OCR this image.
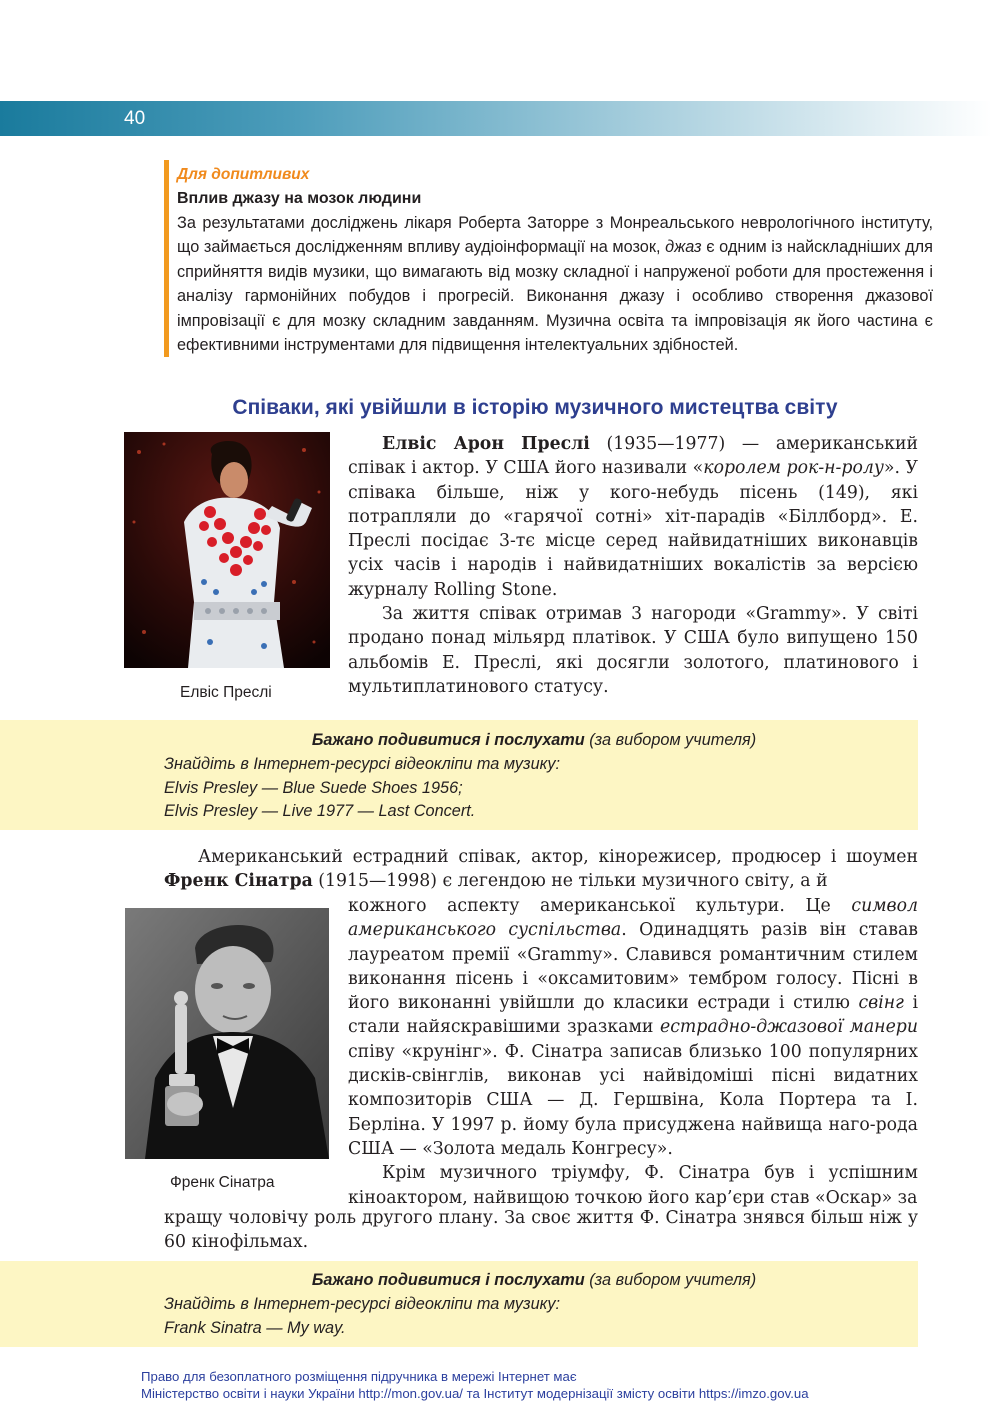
40
Для допитливих
Вплив джазу на мозок людини
За результатами досліджень лікаря Роберта Заторре з Монреальського неврологічного інституту, що займається дослідженням впливу аудіоінформації на мозок, джаз є одним із найскладніших для сприйняття видів музики, що вимагають від мозку складної і напруженої роботи для простеження і аналізу гармонійних побудов і прогресій. Виконання джазу і особливо створення джазової імпровізації є для мозку складним завданням. Музична освіта та імпровізація як його частина є ефективними інструментами для підвищення інтелектуальних здібностей.
Співаки, які увійшли в історію музичного мистецтва світу
Елвіс Преслі

Елвіс Арон Преслі (1935—1977) — американський співак і актор. У США його називали «королем рок-н-ролу». У співака більше, ніж у кого-небудь пісень (149), які потрапляли до «гарячої сотні» хіт-парадів «Біллборд». Е. Преслі посідає 3-тє місце серед найвидатніших виконавців усіх часів і народів і найвидатніших вокалістів за версією журналу Rolling Stone.

За життя співак отримав 3 нагороди «Grammy». У світі продано понад мільярд платівок. У США було випущено 150 альбомів Е. Преслі, які досягли золотого, платинового і мультиплатинового статусу.

Бажано подивитися і послухати (за вибором учителя)
Знайдіть в Інтернет-ресурсі відеокліпи та музику:
Elvis Presley — Blue Suede Shoes 1956;
Elvis Presley — Live 1977 — Last Concert.

Американський естрадний співак, актор, кінорежисер, продюсер і шоумен Френк Сінатра (1915—1998) є легендою не тільки музичного світу, а й

Френк Сінатра

кожного аспекту американської культури. Це символ американського суспільства. Одинадцять разів він ставав лауреатом премії «Grammy». Славився романтичним стилем виконання пісень і «оксамитовим» тембром голосу. Пісні в його виконанні увійшли до класики естради і стилю свінг і стали найяскравішими зразками естрадно-джазової манери співу «крунінг». Ф. Сінатра записав близько 100 популярних дисків-свінглів, виконав усі найвідоміші пісні видатних композиторів США — Д. Гершвіна, Кола Портера та І. Берліна. У 1997 р. йому була присуджена найвища наго-рода США — «Золота медаль Конгресу».

Крім музичного тріумфу, Ф. Сінатра був і успішним кіноактором, найвищою точкою його кар’єри став «Оскар» за

кращу чоловічу роль другого плану. За своє життя Ф. Сінатра знявся більш ніж у 60 кінофільмах.

Бажано подивитися і послухати (за вибором учителя)
Знайдіть в Інтернет-ресурсі відеокліпи та музику:
Frank Sinatra — My way.
Право для безоплатного розміщення підручника в мережі Інтернет має
Міністерство освіти і науки України http://mon.gov.ua/ та Інститут модернізації змісту освіти https://imzo.gov.ua
